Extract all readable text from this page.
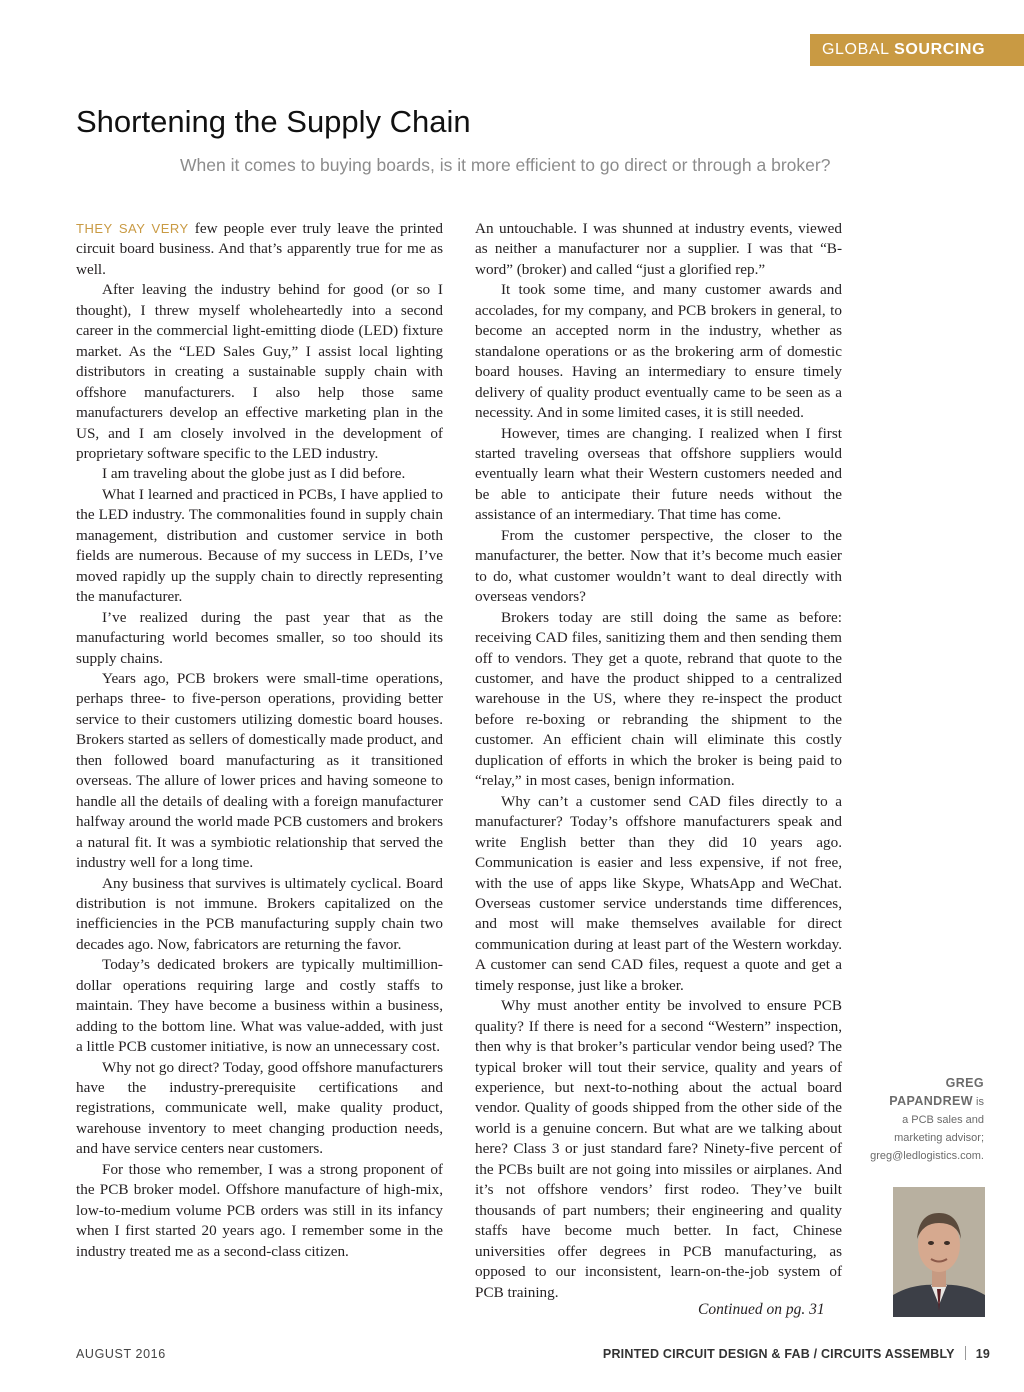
GLOBAL SOURCING
Shortening the Supply Chain
When it comes to buying boards, is it more efficient to go direct or through a broker?

THEY SAY VERY few people ever truly leave the printed circuit board business. And that’s apparently true for me as well.

After leaving the industry behind for good (or so I thought), I threw myself wholeheartedly into a second career in the commercial light-emitting diode (LED) fixture market. As the “LED Sales Guy,” I assist local lighting distributors in creating a sustainable supply chain with offshore manufacturers. I also help those same manufacturers develop an effective marketing plan in the US, and I am closely involved in the development of proprietary software specific to the LED industry.

I am traveling about the globe just as I did before.

What I learned and practiced in PCBs, I have applied to the LED industry. The commonalities found in supply chain management, distribution and customer service in both fields are numerous. Because of my success in LEDs, I’ve moved rapidly up the supply chain to directly representing the manufacturer.

I’ve realized during the past year that as the manufacturing world becomes smaller, so too should its supply chains.

Years ago, PCB brokers were small-time operations, perhaps three- to five-person operations, providing better service to their customers utilizing domestic board houses. Brokers started as sellers of domestically made product, and then followed board manufacturing as it transitioned overseas. The allure of lower prices and having someone to handle all the details of dealing with a foreign manufacturer halfway around the world made PCB customers and brokers a natural fit. It was a symbiotic relationship that served the industry well for a long time.

Any business that survives is ultimately cyclical. Board distribution is not immune. Brokers capitalized on the inefficiencies in the PCB manufacturing supply chain two decades ago. Now, fabricators are returning the favor.

Today’s dedicated brokers are typically multimillion-dollar operations requiring large and costly staffs to maintain. They have become a business within a business, adding to the bottom line. What was value-added, with just a little PCB customer initiative, is now an unnecessary cost.

Why not go direct? Today, good offshore manufacturers have the industry-prerequisite certifications and registrations, communicate well, make quality product, warehouse inventory to meet changing production needs, and have service centers near customers.

For those who remember, I was a strong proponent of the PCB broker model. Offshore manufacture of high-mix, low-to-medium volume PCB orders was still in its infancy when I first started 20 years ago. I remember some in the industry treated me as a second-class citizen.

An untouchable. I was shunned at industry events, viewed as neither a manufacturer nor a supplier. I was that “B-word” (broker) and called “just a glorified rep.”

It took some time, and many customer awards and accolades, for my company, and PCB brokers in general, to become an accepted norm in the industry, whether as standalone operations or as the brokering arm of domestic board houses. Having an intermediary to ensure timely delivery of quality product eventually came to be seen as a necessity. And in some limited cases, it is still needed.

However, times are changing. I realized when I first started traveling overseas that offshore suppliers would eventually learn what their Western customers needed and be able to anticipate their future needs without the assistance of an intermediary. That time has come.

From the customer perspective, the closer to the manufacturer, the better. Now that it’s become much easier to do, what customer wouldn’t want to deal directly with overseas vendors?

Brokers today are still doing the same as before: receiving CAD files, sanitizing them and then sending them off to vendors. They get a quote, rebrand that quote to the customer, and have the product shipped to a centralized warehouse in the US, where they re-inspect the product before re-boxing or rebranding the shipment to the customer. An efficient chain will eliminate this costly duplication of efforts in which the broker is being paid to “relay,” in most cases, benign information.

Why can’t a customer send CAD files directly to a manufacturer? Today’s offshore manufacturers speak and write English better than they did 10 years ago. Communication is easier and less expensive, if not free, with the use of apps like Skype, WhatsApp and WeChat. Overseas customer service understands time differences, and most will make themselves available for direct communication during at least part of the Western workday. A customer can send CAD files, request a quote and get a timely response, just like a broker.

Why must another entity be involved to ensure PCB quality? If there is need for a second “Western” inspection, then why is that broker’s particular vendor being used? The typical broker will tout their service, quality and years of experience, but next-to-nothing about the actual board vendor. Quality of goods shipped from the other side of the world is a genuine concern. But what are we talking about here? Class 3 or just standard fare? Ninety-five percent of the PCBs built are not going into missiles or airplanes. And it’s not offshore vendors’ first rodeo. They’ve built thousands of part numbers; their engineering and quality staffs have become much better. In fact, Chinese universities offer degrees in PCB manufacturing, as opposed to our inconsistent, learn-on-the-job system of PCB training.

Continued on pg. 31
GREG
PAPANDREW is
a PCB sales and
marketing advisor;
greg@ledlogistics.com.
AUGUST 2016	PRINTED CIRCUIT DESIGN & FAB / CIRCUITS ASSEMBLY 19
